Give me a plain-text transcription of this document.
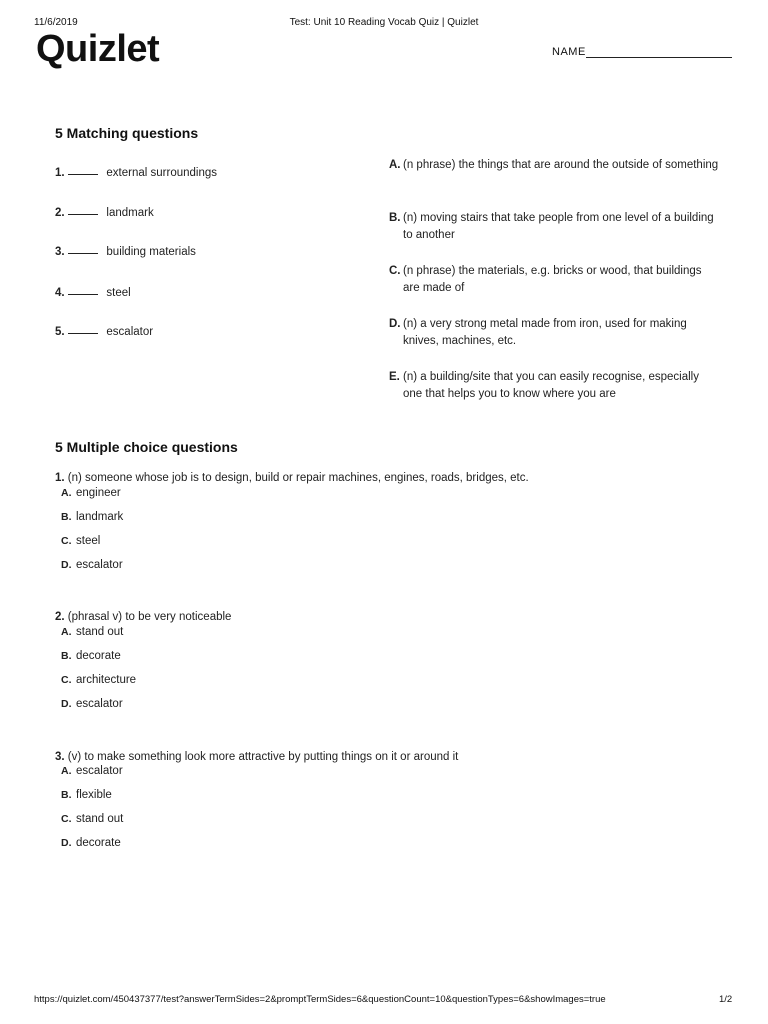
11/6/2019	Test: Unit 10 Reading Vocab Quiz | Quizlet
Quizlet	NAME
5 Matching questions
1.	external surroundings
2.	landmark
3.	building materials
4.	steel
5.	escalator
A. (n phrase) the things that are around the outside of something
B. (n) moving stairs that take people from one level of a building to another
C. (n phrase) the materials, e.g. bricks or wood, that buildings are made of
D. (n) a very strong metal made from iron, used for making knives, machines, etc.
E. (n) a building/site that you can easily recognise, especially one that helps you to know where you are
5 Multiple choice questions
1. (n) someone whose job is to design, build or repair machines, engines, roads, bridges, etc.
A. engineer
B. landmark
C. steel
D. escalator
2. (phrasal v) to be very noticeable
A. stand out
B. decorate
C. architecture
D. escalator
3. (v) to make something look more attractive by putting things on it or around it
A. escalator
B. flexible
C. stand out
D. decorate
https://quizlet.com/450437377/test?answerTermSides=2&promptTermSides=6&questionCount=10&questionTypes=6&showImages=true	1/2
